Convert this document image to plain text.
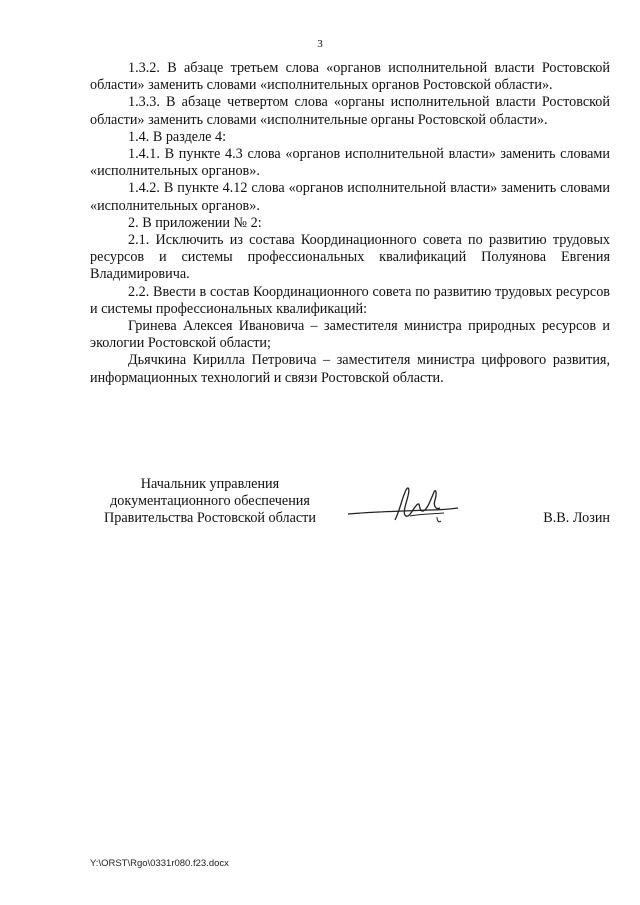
3

1.3.2. В абзаце третьем слова «органов исполнительной власти Ростовской области» заменить словами «исполнительных органов Ростовской области».

1.3.3. В абзаце четвертом слова «органы исполнительной власти Ростовской области» заменить словами «исполнительные органы Ростовской области».

1.4. В разделе 4:

1.4.1. В пункте 4.3 слова «органов исполнительной власти» заменить словами «исполнительных органов».

1.4.2. В пункте 4.12 слова «органов исполнительной власти» заменить словами «исполнительных органов».

2. В приложении № 2:

2.1. Исключить из состава Координационного совета по развитию трудовых ресурсов и системы профессиональных квалификаций Полуянова Евгения Владимировича.

2.2. Ввести в состав Координационного совета по развитию трудовых ресурсов и системы профессиональных квалификаций:

Гринева Алексея Ивановича – заместителя министра природных ресурсов и экологии Ростовской области;

Дьячкина Кирилла Петровича – заместителя министра цифрового развития, информационных технологий и связи Ростовской области.

Начальник управления
документационного обеспечения
Правительства Ростовской области	В.В. Лозин
Y:\ORST\Rgo\0331r080.f23.docx
